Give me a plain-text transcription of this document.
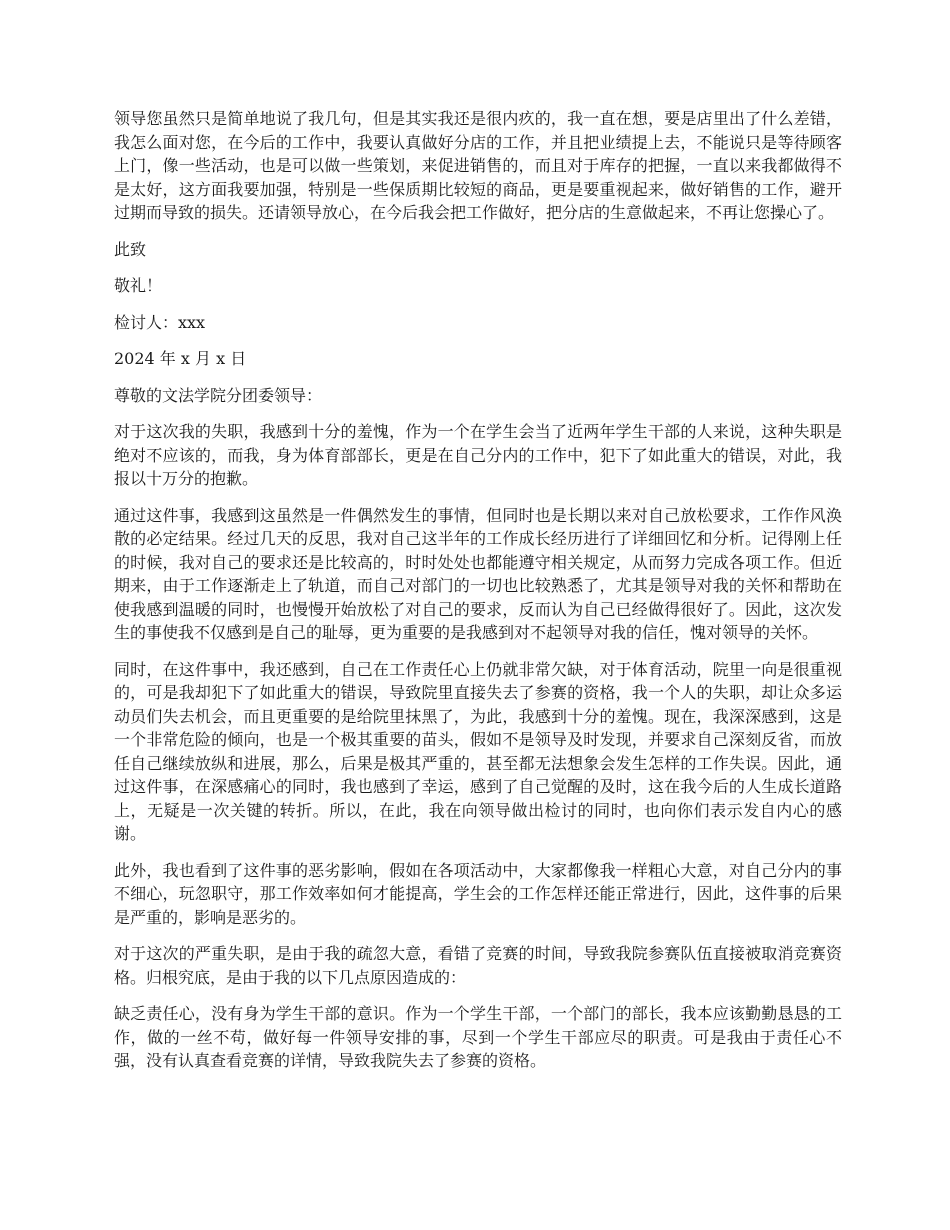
领导您虽然只是简单地说了我几句，但是其实我还是很内疚的，我一直在想，要是店里出了什么差错，我怎么面对您，在今后的工作中，我要认真做好分店的工作，并且把业绩提上去，不能说只是等待顾客上门，像一些活动，也是可以做一些策划，来促进销售的，而且对于库存的把握，一直以来我都做得不是太好，这方面我要加强，特别是一些保质期比较短的商品，更是要重视起来，做好销售的工作，避开过期而导致的损失。还请领导放心，在今后我会把工作做好，把分店的生意做起来，不再让您操心了。

此致

敬礼！

检讨人：xxx

2024 年 x 月 x 日

尊敬的文法学院分团委领导：

对于这次我的失职，我感到十分的羞愧，作为一个在学生会当了近两年学生干部的人来说，这种失职是绝对不应该的，而我，身为体育部部长，更是在自己分内的工作中，犯下了如此重大的错误，对此，我报以十万分的抱歉。

通过这件事，我感到这虽然是一件偶然发生的事情，但同时也是长期以来对自己放松要求，工作作风涣散的必定结果。经过几天的反思，我对自己这半年的工作成长经历进行了详细回忆和分析。记得刚上任的时候，我对自己的要求还是比较高的，时时处处也都能遵守相关规定，从而努力完成各项工作。但近期来，由于工作逐渐走上了轨道，而自己对部门的一切也比较熟悉了，尤其是领导对我的关怀和帮助在使我感到温暖的同时，也慢慢开始放松了对自己的要求，反而认为自己已经做得很好了。因此，这次发生的事使我不仅感到是自己的耻辱，更为重要的是我感到对不起领导对我的信任，愧对领导的关怀。

同时，在这件事中，我还感到，自己在工作责任心上仍就非常欠缺，对于体育活动，院里一向是很重视的，可是我却犯下了如此重大的错误，导致院里直接失去了参赛的资格，我一个人的失职，却让众多运动员们失去机会，而且更重要的是给院里抹黑了，为此，我感到十分的羞愧。现在，我深深感到，这是一个非常危险的倾向，也是一个极其重要的苗头，假如不是领导及时发现，并要求自己深刻反省，而放任自己继续放纵和进展，那么，后果是极其严重的，甚至都无法想象会发生怎样的工作失误。因此，通过这件事，在深感痛心的同时，我也感到了幸运，感到了自己觉醒的及时，这在我今后的人生成长道路上，无疑是一次关键的转折。所以，在此，我在向领导做出检讨的同时，也向你们表示发自内心的感谢。

此外，我也看到了这件事的恶劣影响，假如在各项活动中，大家都像我一样粗心大意，对自己分内的事不细心，玩忽职守，那工作效率如何才能提高，学生会的工作怎样还能正常进行，因此，这件事的后果是严重的，影响是恶劣的。

对于这次的严重失职，是由于我的疏忽大意，看错了竞赛的时间，导致我院参赛队伍直接被取消竞赛资格。归根究底，是由于我的以下几点原因造成的：

缺乏责任心，没有身为学生干部的意识。作为一个学生干部，一个部门的部长，我本应该勤勤恳恳的工作，做的一丝不苟，做好每一件领导安排的事，尽到一个学生干部应尽的职责。可是我由于责任心不强，没有认真查看竞赛的详情，导致我院失去了参赛的资格。
